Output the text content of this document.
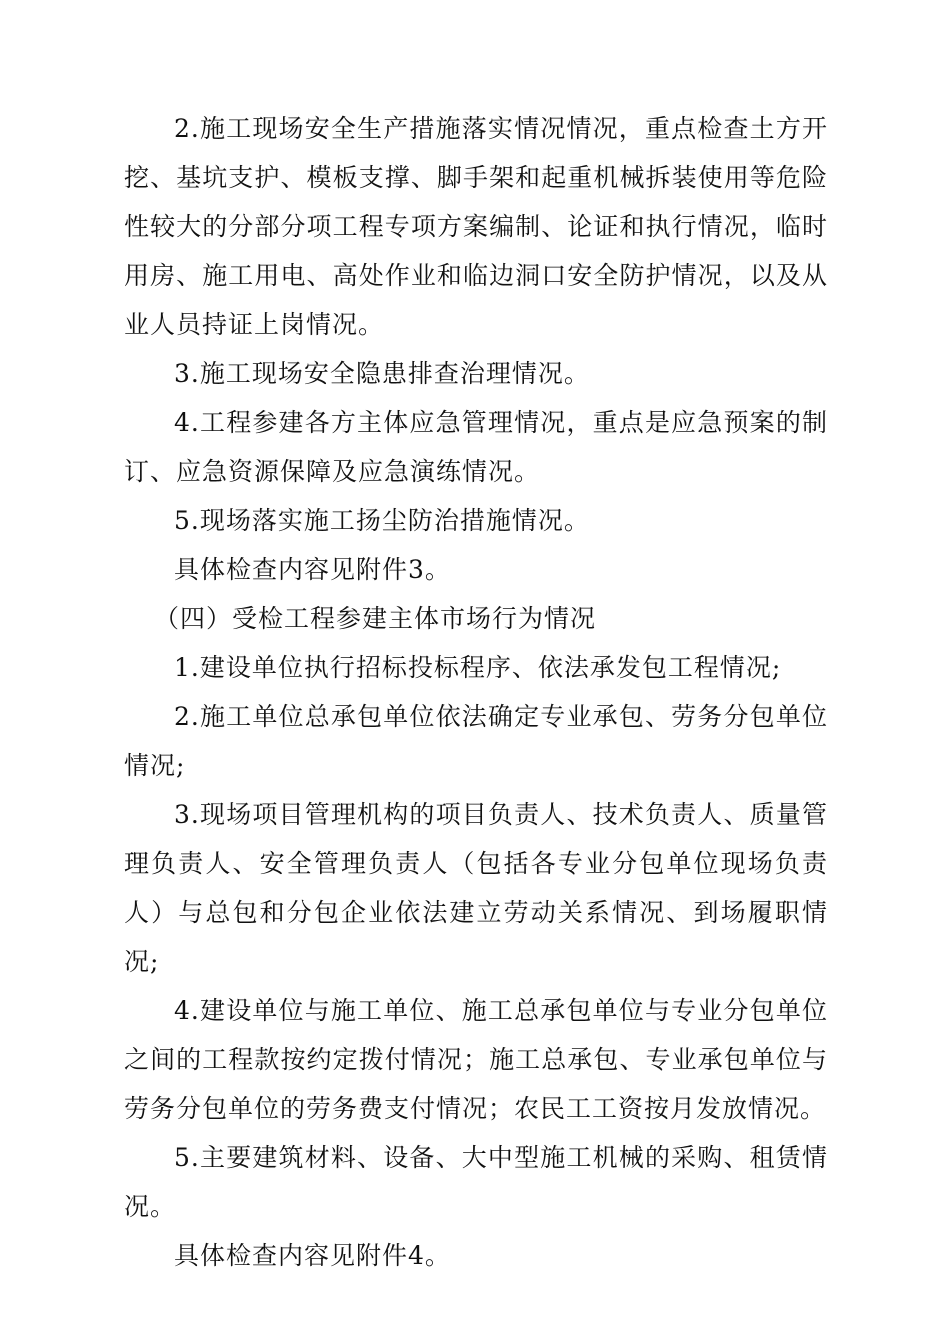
2.施工现场安全生产措施落实情况情况，重点检查土方开挖、基坑支护、模板支撑、脚手架和起重机械拆装使用等危险性较大的分部分项工程专项方案编制、论证和执行情况，临时用房、施工用电、高处作业和临边洞口安全防护情况，以及从业人员持证上岗情况。

3.施工现场安全隐患排查治理情况。

4.工程参建各方主体应急管理情况，重点是应急预案的制订、应急资源保障及应急演练情况。

5.现场落实施工扬尘防治措施情况。

具体检查内容见附件3。

（四）受检工程参建主体市场行为情况

1.建设单位执行招标投标程序、依法承发包工程情况;

2.施工单位总承包单位依法确定专业承包、劳务分包单位情况;

3.现场项目管理机构的项目负责人、技术负责人、质量管理负责人、安全管理负责人（包括各专业分包单位现场负责人）与总包和分包企业依法建立劳动关系情况、到场履职情况;

4.建设单位与施工单位、施工总承包单位与专业分包单位之间的工程款按约定拨付情况；施工总承包、专业承包单位与劳务分包单位的劳务费支付情况；农民工工资按月发放情况。

5.主要建筑材料、设备、大中型施工机械的采购、租赁情况。

具体检查内容见附件4。
